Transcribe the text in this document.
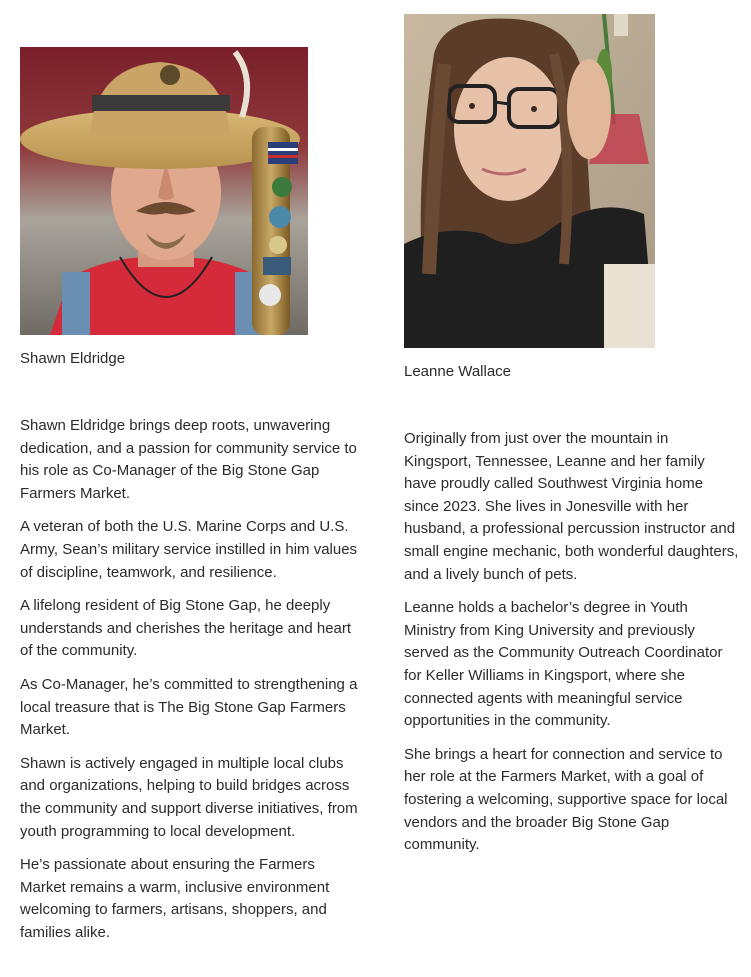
Shawn Eldridge

Shawn Eldridge brings deep roots, unwavering dedication, and a passion for community service to his role as Co-Manager of the Big Stone Gap Farmers Market.

A veteran of both the U.S. Marine Corps and U.S. Army, Sean’s military service instilled in him values of discipline, teamwork, and resilience.

A lifelong resident of Big Stone Gap, he deeply understands and cherishes the heritage and heart of the community.

As Co-Manager, he’s committed to strengthening a local treasure that is The Big Stone Gap Farmers Market.

Shawn is actively engaged in multiple local clubs and organizations, helping to build bridges across the community and support diverse initiatives, from youth programming to local development.

He’s passionate about ensuring the Farmers Market remains a warm, inclusive environment welcoming to farmers, artisans, shoppers, and families alike.

Leanne Wallace

Originally from just over the mountain in Kingsport, Tennessee, Leanne and her family have proudly called Southwest Virginia home since 2023. She lives in Jonesville with her husband, a professional percussion instructor and small engine mechanic, both wonderful daughters, and a lively bunch of pets.

Leanne holds a bachelor’s degree in Youth Ministry from King University and previously served as the Community Outreach Coordinator for Keller Williams in Kingsport, where she connected agents with meaningful service opportunities in the community.

She brings a heart for connection and service to her role at the Farmers Market, with a goal of fostering a welcoming, supportive space for local vendors and the broader Big Stone Gap community.
